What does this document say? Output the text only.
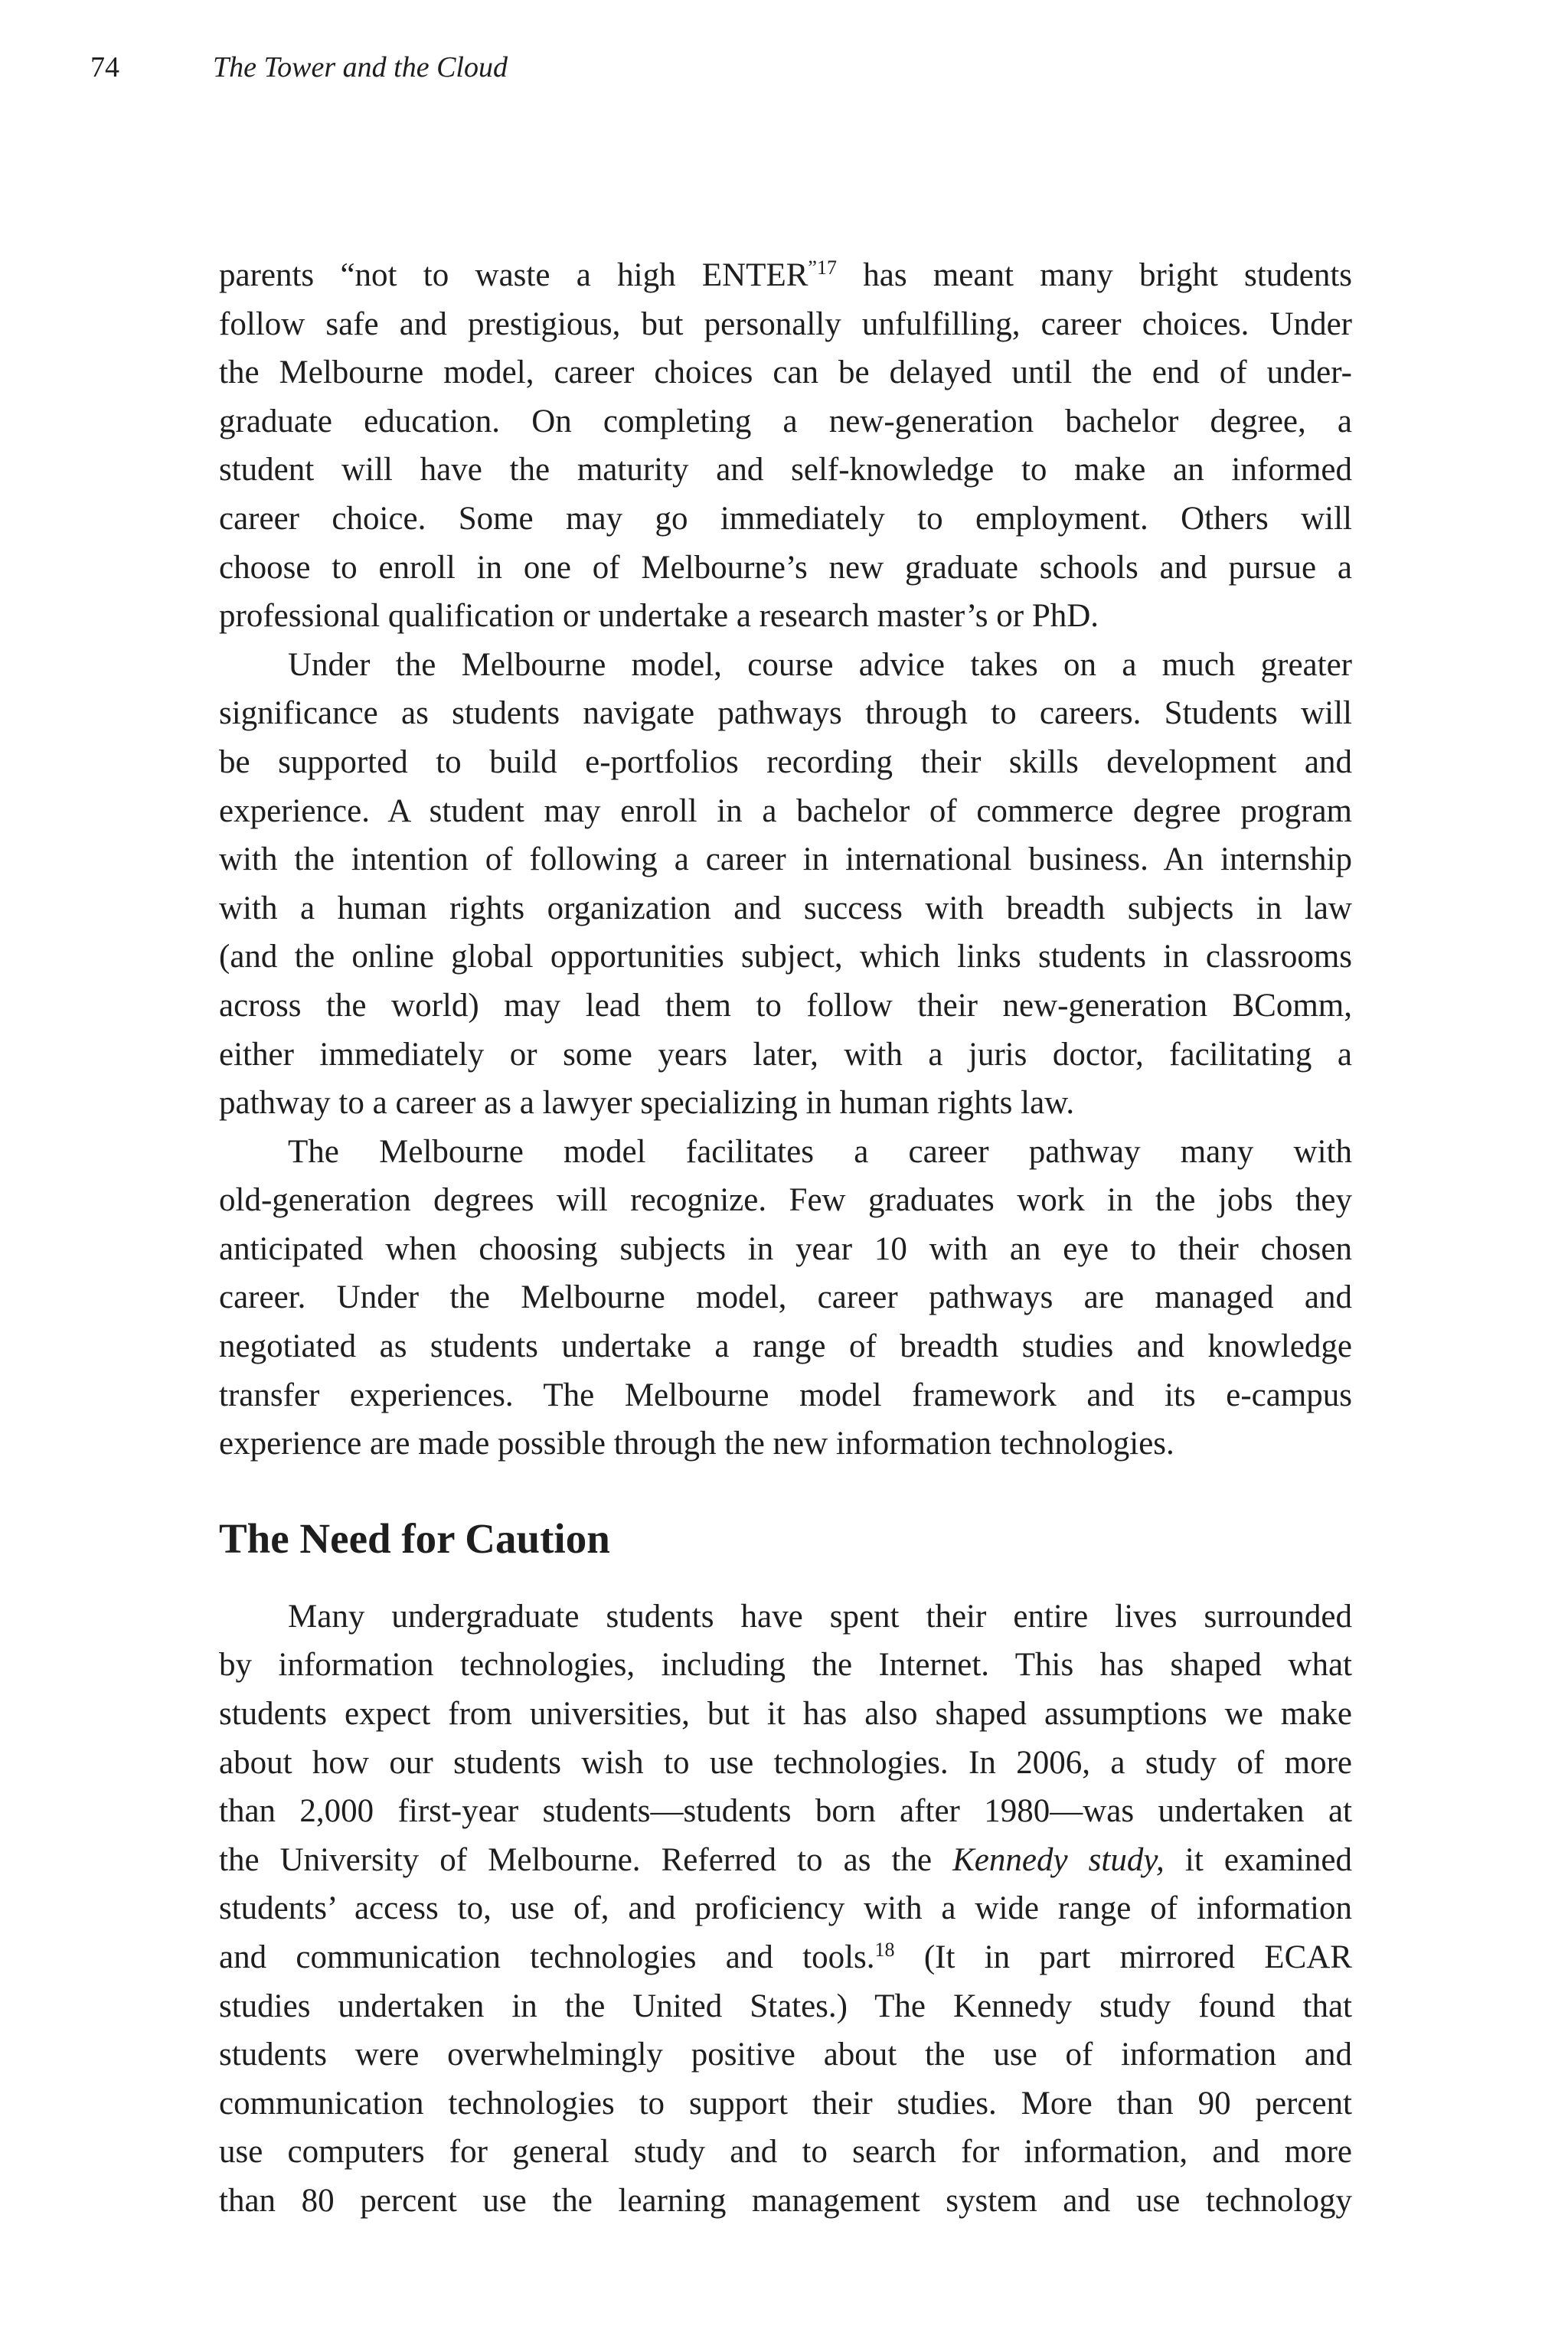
74	The Tower and the Cloud
parents “not to waste a high $ENTER^{”17}$ has meant many bright students
follow safe and prestigious, but personally unfulfilling, career choices. Under
the Melbourne model, career choices can be delayed until the end of under-
graduate education. On completing a new-generation bachelor degree, a
student will have the maturity and self-knowledge to make an informed
career choice. Some may go immediately to employment. Others will
choose to enroll in one of Melbourne’s new graduate schools and pursue a
professional qualification or undertake a research master’s or PhD.
Under the Melbourne model, course advice takes on a much greater
significance as students navigate pathways through to careers. Students will
be supported to build e-portfolios recording their skills development and
experience. A student may enroll in a bachelor of commerce degree program
with the intention of following a career in international business. An internship
with a human rights organization and success with breadth subjects in law
(and the online global opportunities subject, which links students in classrooms
across the world) may lead them to follow their new-generation BComm,
either immediately or some years later, with a juris doctor, facilitating a
pathway to a career as a lawyer specializing in human rights law.
The Melbourne model facilitates a career pathway many with
old-generation degrees will recognize. Few graduates work in the jobs they
anticipated when choosing subjects in year 10 with an eye to their chosen
career. Under the Melbourne model, career pathways are managed and
negotiated as students undertake a range of breadth studies and knowledge
transfer experiences. The Melbourne model framework and its e-campus
experience are made possible through the new information technologies.
The Need for Caution
Many undergraduate students have spent their entire lives surrounded
by information technologies, including the Internet. This has shaped what
students expect from universities, but it has also shaped assumptions we make
about how our students wish to use technologies. In 2006, a study of more
than 2,000 first-year students—students born after 1980—was undertaken at
the University of Melbourne. Referred to as the Kennedy study, it examined
students’ access to, use of, and proficiency with a wide range of information
and communication technologies and tools.$^{18}$ (It in part mirrored ECAR
studies undertaken in the United States.) The Kennedy study found that
students were overwhelmingly positive about the use of information and
communication technologies to support their studies. More than 90 percent
use computers for general study and to search for information, and more
than 80 percent use the learning management system and use technology
